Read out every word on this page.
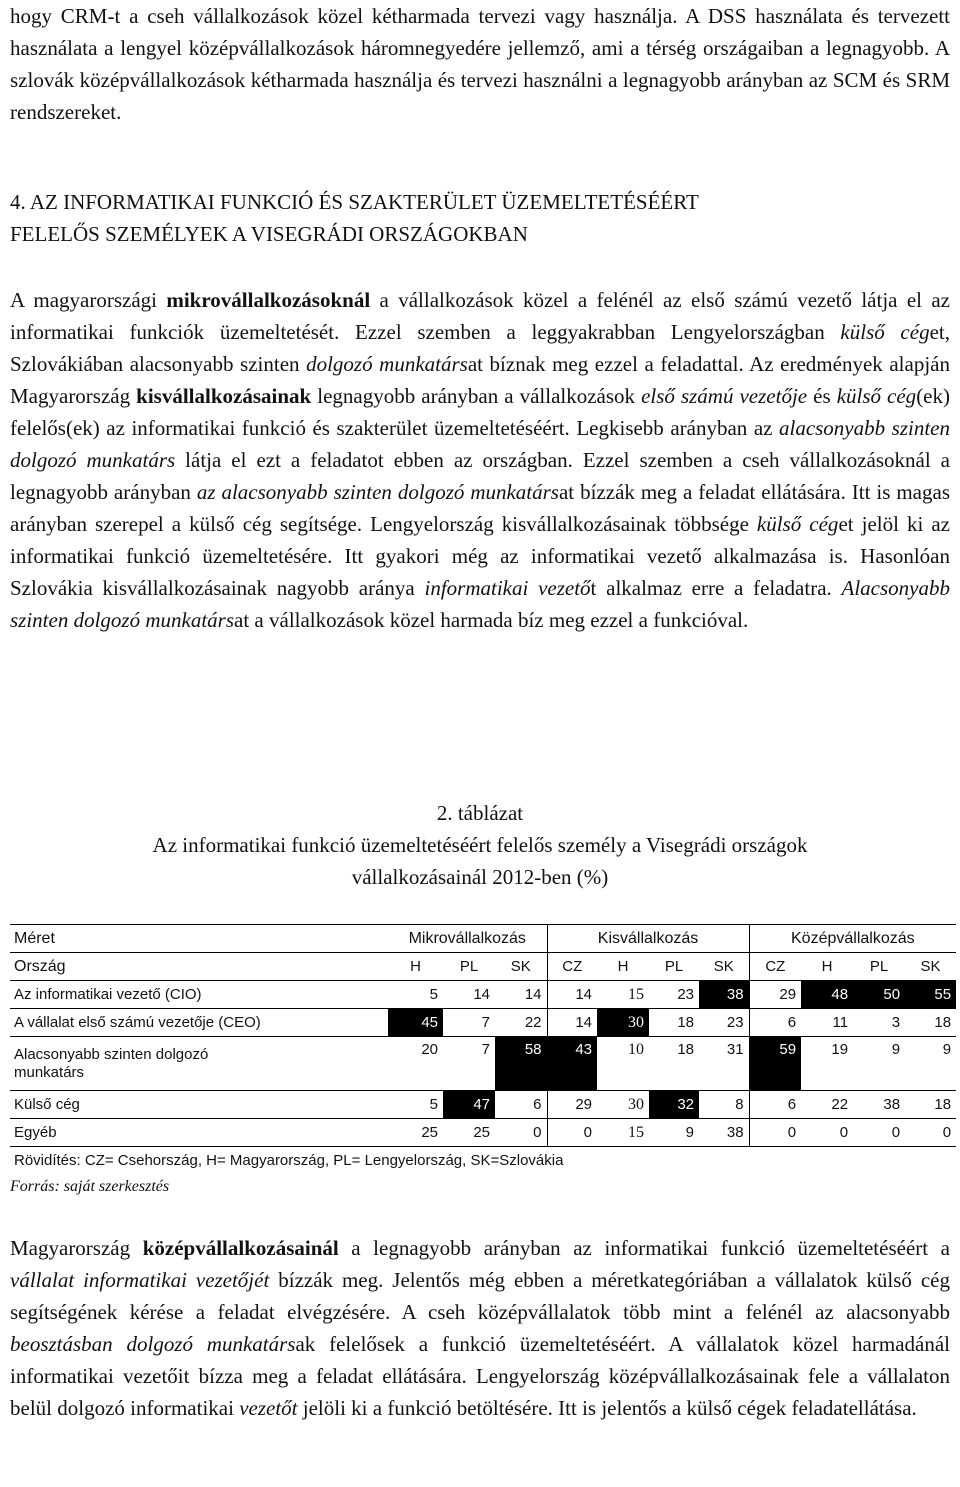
hogy CRM-t a cseh vállalkozások közel kétharmada tervezi vagy használja. A DSS használata és tervezett használata a lengyel középvállalkozások háromnegyedére jellemző, ami a térség országaiban a legnagyobb. A szlovák középvállalkozások kétharmada használja és tervezi használni a legnagyobb arányban az SCM és SRM rendszereket.

4. AZ INFORMATIKAI FUNKCIÓ ÉS SZAKTERÜLET ÜZEMELTETÉSÉÉRT
FELELŐS SZEMÉLYEK A VISEGRÁDI ORSZÁGOKBAN

A magyarországi mikrovállalkozásoknál a vállalkozások közel a felénél az első számú vezető látja el az informatikai funkciók üzemeltetését. Ezzel szemben a leggyakrabban Lengyelországban külső céget, Szlovákiában alacsonyabb szinten dolgozó munkatársat bíznak meg ezzel a feladattal. Az eredmények alapján Magyarország kisvállalkozásainak legnagyobb arányban a vállalkozások első számú vezetője és külső cég(ek) felelős(ek) az informatikai funkció és szakterület üzemeltetéséért. Legkisebb arányban az alacsonyabb szinten dolgozó munkatárs látja el ezt a feladatot ebben az országban. Ezzel szemben a cseh vállalkozásoknál a legnagyobb arányban az alacsonyabb szinten dolgozó munkatársat bízzák meg a feladat ellátására. Itt is magas arányban szerepel a külső cég segítsége. Lengyelország kisvállalkozásainak többsége külső céget jelöl ki az informatikai funkció üzemeltetésére. Itt gyakori még az informatikai vezető alkalmazása is. Hasonlóan Szlovákia kisvállalkozásainak nagyobb aránya informatikai vezetőt alkalmaz erre a feladatra. Alacsonyabb szinten dolgozó munkatársat a vállalkozások közel harmada bíz meg ezzel a funkcióval.

2. táblázat
Az informatikai funkció üzemeltetéséért felelős személy a Visegrádi országok
vállalkozásainál 2012-ben (%)
Méret	Mikrovállalkozás			Kisvállalkozás				Középvállalkozás			
Ország	H	PL	SK	CZ	H	PL	SK	CZ	H	PL	SK
Az informatikai vezető (CIO)	5	14	14	14	15	23	38	29	48	50	55
A vállalat első számú vezetője (CEO)	45	7	22	14	30	18	23	6	11	3	18
Alacsonyabb szinten dolgozó munkatárs	20	7	58	43	10	18	31	59	19	9	9
Külső cég	5	47	6	29	30	32	8	6	22	38	18
Egyéb	25	25	0	0	15	9	38	0	0	0	0
Rövidítés: CZ= Csehország, H= Magyarország, PL= Lengyelország, SK=Szlovákia											
Forrás: saját szerkesztés

Magyarország középvállalkozásainál a legnagyobb arányban az informatikai funkció üzemeltetéséért a vállalat informatikai vezetőjét bízzák meg. Jelentős még ebben a méretkategóriában a vállalatok külső cég segítségének kérése a feladat elvégzésére. A cseh középvállalatok több mint a felénél az alacsonyabb beosztásban dolgozó munkatársak felelősek a funkció üzemeltetéséért. A vállalatok közel harmadánál informatikai vezetőit bízza meg a feladat ellátására. Lengyelország középvállalkozásainak fele a vállalaton belül dolgozó informatikai vezetőt jelöli ki a funkció betöltésére. Itt is jelentős a külső cégek feladatellátása.
